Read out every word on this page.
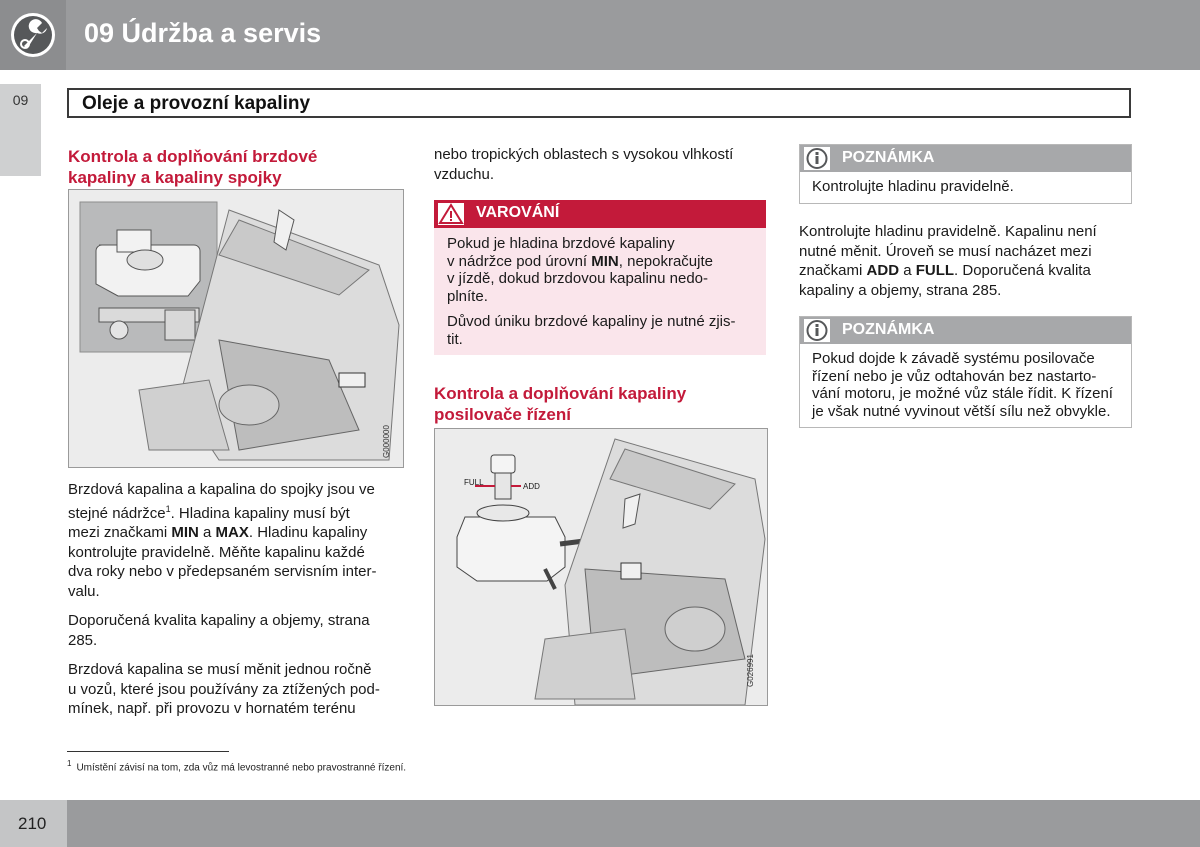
09 Údržba a servis
09	Oleje a provozní kapaliny
Kontrola a doplňování brzdové
kapaliny a kapaliny spojky
G000000

Brzdová kapalina a kapalina do spojky jsou ve
stejné nádržce$^1$. Hladina kapaliny musí být
mezi značkami MIN a MAX. Hladinu kapaliny
kontrolujte pravidelně. Měňte kapalinu každé
dva roky nebo v předepsaném servisním inter-
valu.

Doporučená kvalita kapaliny a objemy, strana
285.

Brzdová kapalina se musí měnit jednou ročně
u vozů, které jsou používány za ztížených pod-
mínek, např. při provozu v hornatém terénu

nebo tropických oblastech s vysokou vlhkostí
vzduchu.
VAROVÁNÍ

Pokud je hladina brzdové kapaliny
v nádržce pod úrovní MIN, nepokračujte
v jízdě, dokud brzdovou kapalinu nedo-
plníte.

Důvod úniku brzdové kapaliny je nutné zjis-
tit.

Kontrola a doplňování kapaliny
posilovače řízení
FULL	ADD
G026991
POZNÁMKA
Kontrolujte hladinu pravidelně.
Kontrolujte hladinu pravidelně. Kapalinu není
nutné měnit. Úroveň se musí nacházet mezi
značkami ADD a FULL. Doporučená kvalita
kapaliny a objemy, strana 285.
POZNÁMKA
Pokud dojde k závadě systému posilovače
řízení nebo je vůz odtahován bez nastarto-
vání motoru, je možné vůz stále řídit. K řízení
je však nutné vyvinout větší sílu než obvykle.
$^1$ Umístění závisí na tom, zda vůz má levostranné nebo pravostranné řízení.
210
